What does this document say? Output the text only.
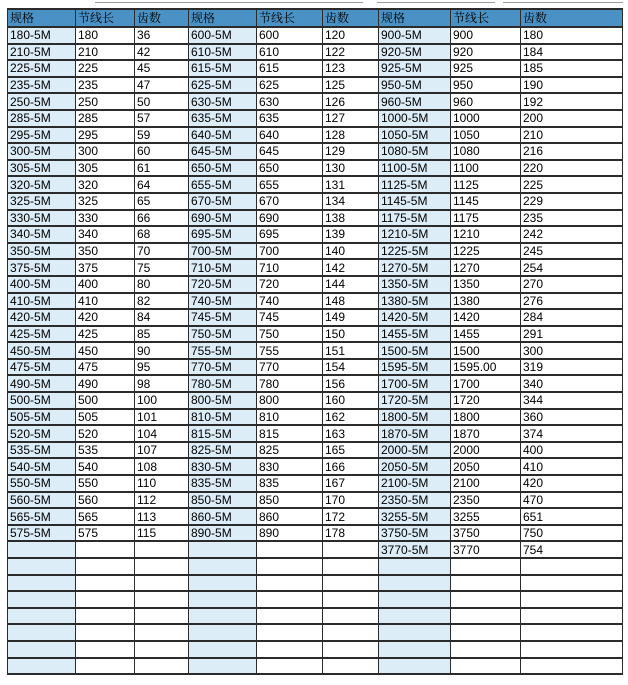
规格	节线长	齿数	规格	节线长	齿数	规格	节线长	齿数
180-5M	180	36	600-5M	600	120	900-5M	900	180
210-5M	210	42	610-5M	610	122	920-5M	920	184
225-5M	225	45	615-5M	615	123	925-5M	925	185
235-5M	235	47	625-5M	625	125	950-5M	950	190
250-5M	250	50	630-5M	630	126	960-5M	960	192
285-5M	285	57	635-5M	635	127	1000-5M	1000	200
295-5M	295	59	640-5M	640	128	1050-5M	1050	210
300-5M	300	60	645-5M	645	129	1080-5M	1080	216
305-5M	305	61	650-5M	650	130	1100-5M	1100	220
320-5M	320	64	655-5M	655	131	1125-5M	1125	225
325-5M	325	65	670-5M	670	134	1145-5M	1145	229
330-5M	330	66	690-5M	690	138	1175-5M	1175	235
340-5M	340	68	695-5M	695	139	1210-5M	1210	242
350-5M	350	70	700-5M	700	140	1225-5M	1225	245
375-5M	375	75	710-5M	710	142	1270-5M	1270	254
400-5M	400	80	720-5M	720	144	1350-5M	1350	270
410-5M	410	82	740-5M	740	148	1380-5M	1380	276
420-5M	420	84	745-5M	745	149	1420-5M	1420	284
425-5M	425	85	750-5M	750	150	1455-5M	1455	291
450-5M	450	90	755-5M	755	151	1500-5M	1500	300
475-5M	475	95	770-5M	770	154	1595-5M	1595.00	319
490-5M	490	98	780-5M	780	156	1700-5M	1700	340
500-5M	500	100	800-5M	800	160	1720-5M	1720	344
505-5M	505	101	810-5M	810	162	1800-5M	1800	360
520-5M	520	104	815-5M	815	163	1870-5M	1870	374
535-5M	535	107	825-5M	825	165	2000-5M	2000	400
540-5M	540	108	830-5M	830	166	2050-5M	2050	410
550-5M	550	110	835-5M	835	167	2100-5M	2100	420
560-5M	560	112	850-5M	850	170	2350-5M	2350	470
565-5M	565	113	860-5M	860	172	3255-5M	3255	651
575-5M	575	115	890-5M	890	178	3750-5M	3750	750
						3770-5M	3770	754
